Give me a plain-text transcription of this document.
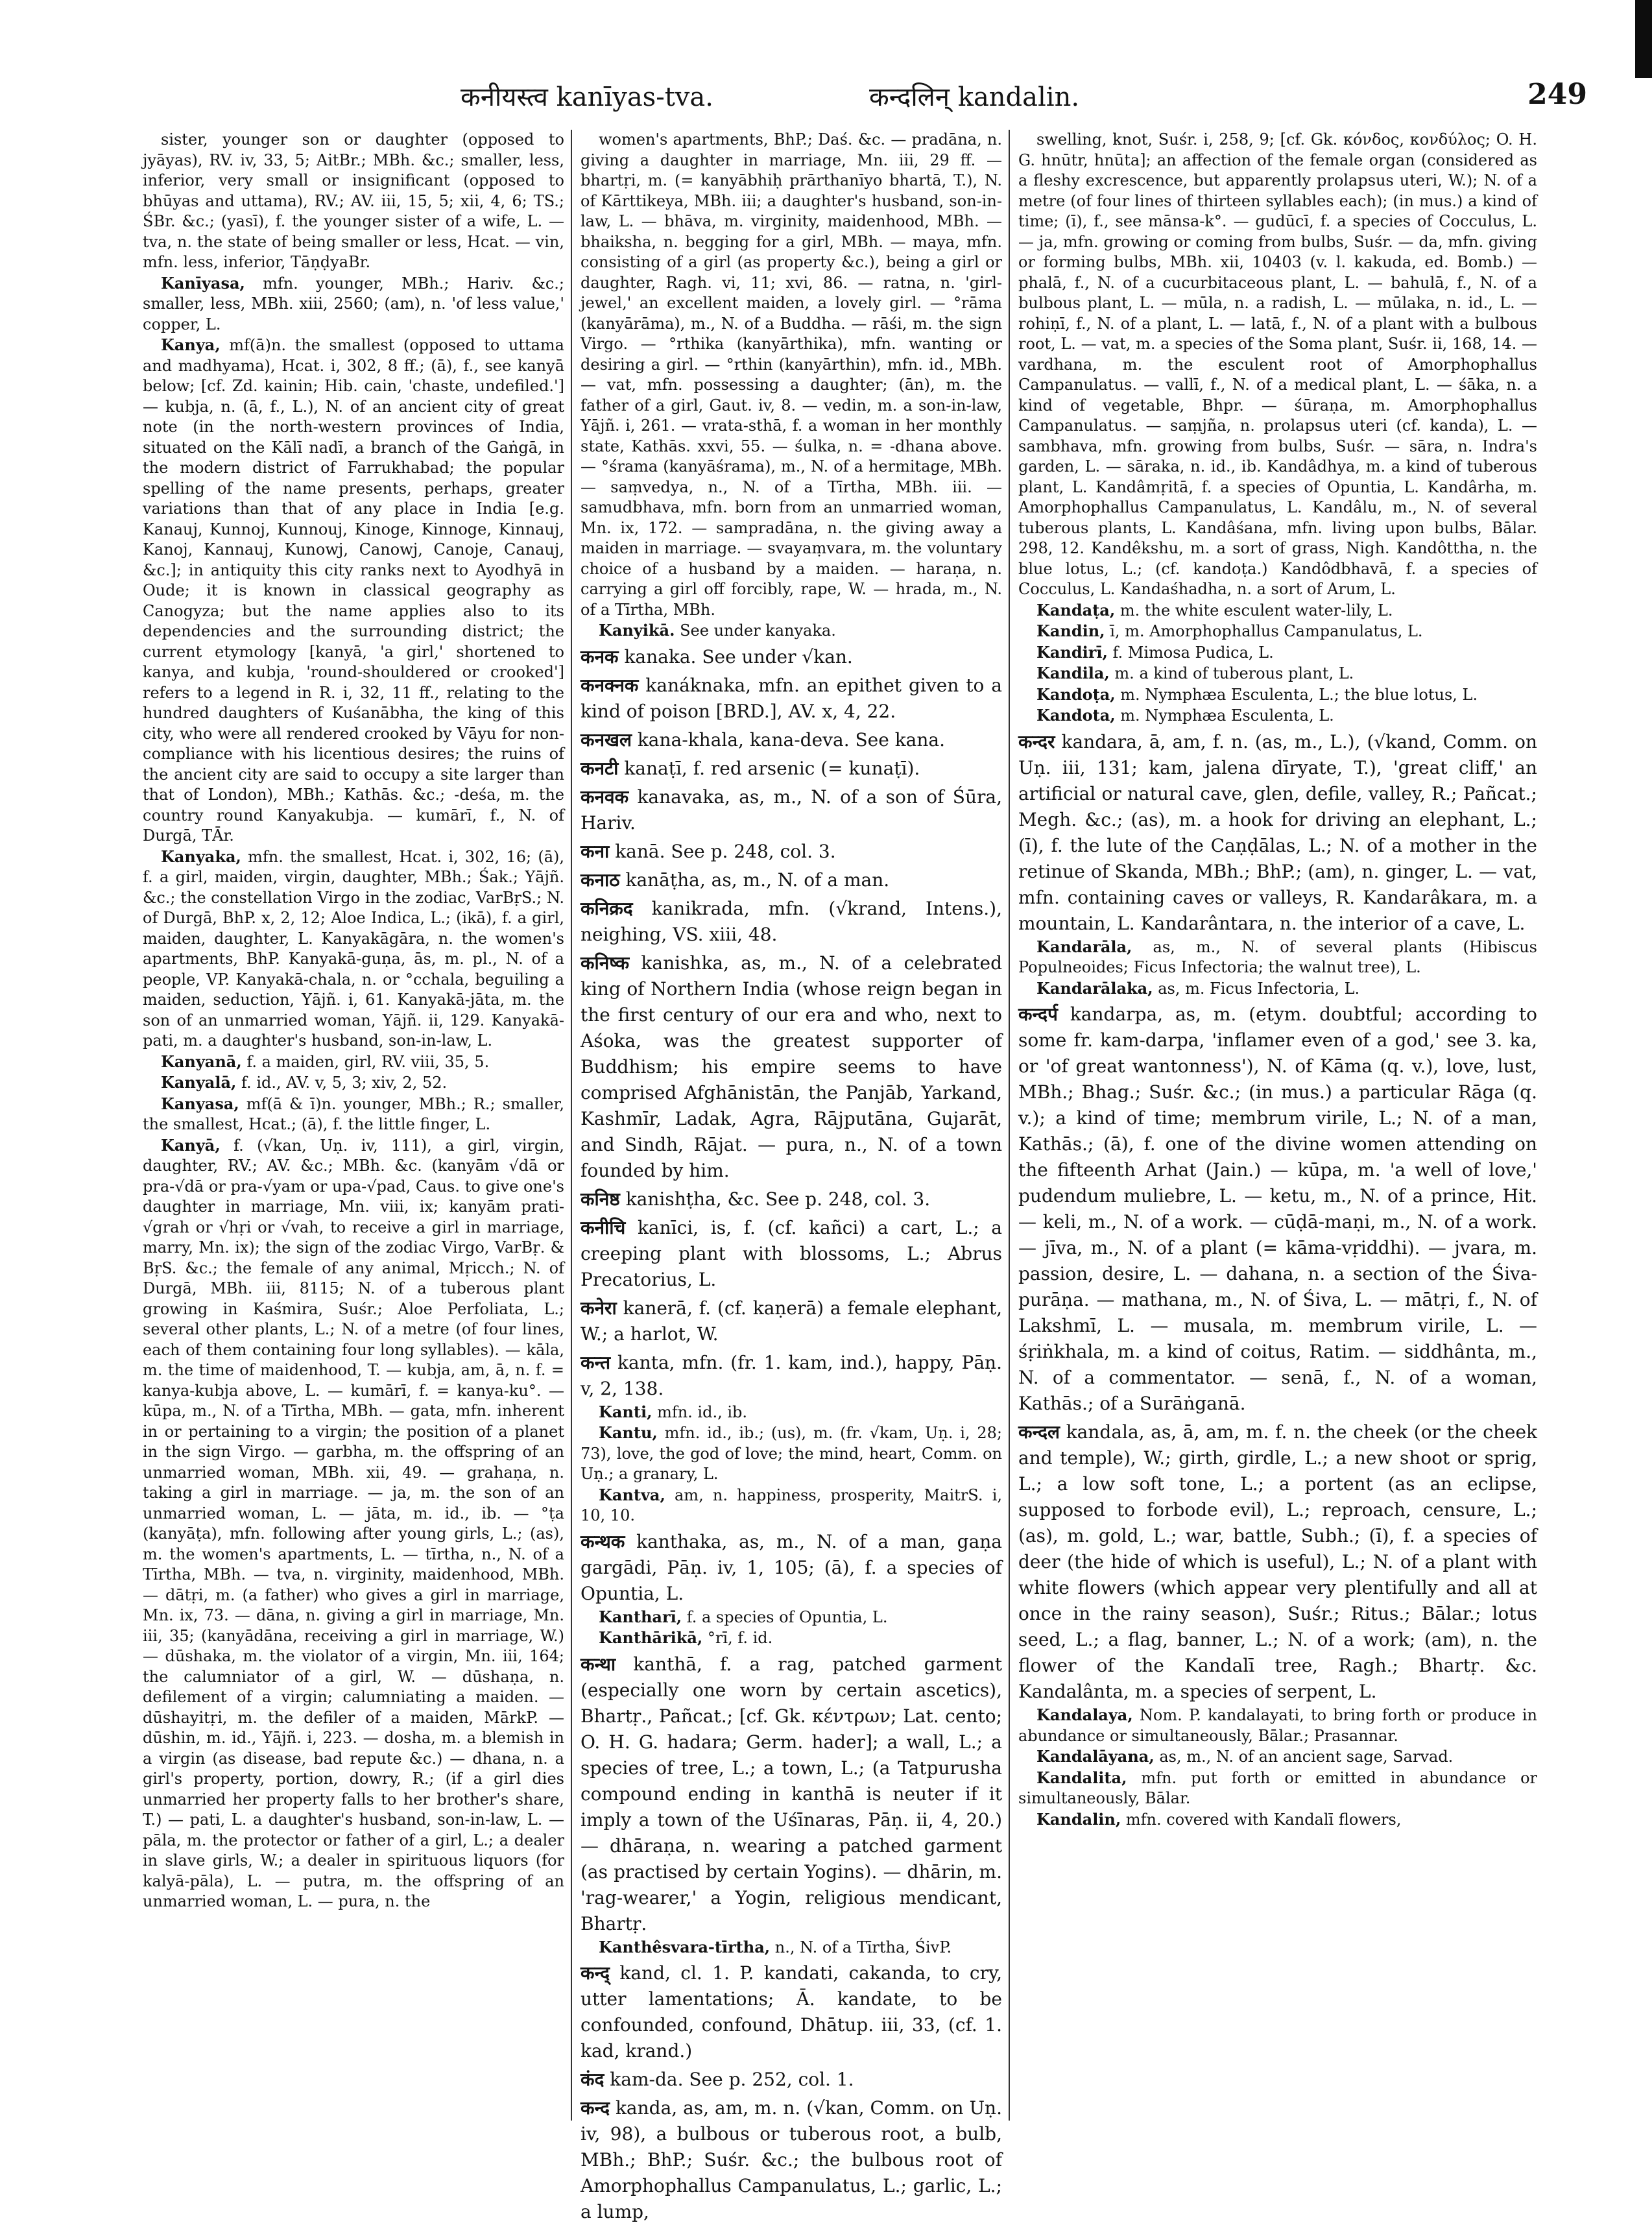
कनीयस्त्व kanīyas-tva.	कन्दलिन् kandalin.	249

sister, younger son or daughter (opposed to jyāyas), RV. iv, 33, 5; AitBr.; MBh. &c.; smaller, less, inferior, very small or insignificant (opposed to bhūyas and uttama), RV.; AV. iii, 15, 5; xii, 4, 6; TS.; ŚBr. &c.; (yasī), f. the younger sister of a wife, L. — tva, n. the state of being smaller or less, Hcat. — vin, mfn. less, inferior, TāṇḍyaBr.

Kanīyasa, mfn. younger, MBh.; Hariv. &c.; smaller, less, MBh. xiii, 2560; (am), n. 'of less value,' copper, L.

Kanya, mf(ā)n. the smallest (opposed to uttama and madhyama), Hcat. i, 302, 8 ff.; (ā), f., see kanyā below; [cf. Zd. kainin; Hib. cain, 'chaste, undefiled.'] — kubja, n. (ā, f., L.), N. of an ancient city of great note (in the north-western provinces of India, situated on the Kālī nadī, a branch of the Gaṅgā, in the modern district of Farrukhabad; the popular spelling of the name presents, perhaps, greater variations than that of any place in India [e.g. Kanauj, Kunnoj, Kunnouj, Kinoge, Kinnoge, Kinnauj, Kanoj, Kannauj, Kunowj, Canowj, Canoje, Canauj, &c.]; in antiquity this city ranks next to Ayodhyā in Oude; it is known in classical geography as Canogyza; but the name applies also to its dependencies and the surrounding district; the current etymology [kanyā, 'a girl,' shortened to kanya, and kubja, 'round-shouldered or crooked'] refers to a legend in R. i, 32, 11 ff., relating to the hundred daughters of Kuśanābha, the king of this city, who were all rendered crooked by Vāyu for non-compliance with his licentious desires; the ruins of the ancient city are said to occupy a site larger than that of London), MBh.; Kathās. &c.; -deśa, m. the country round Kanyakubja. — kumārī, f., N. of Durgā, TĀr.

Kanyaka, mfn. the smallest, Hcat. i, 302, 16; (ā), f. a girl, maiden, virgin, daughter, MBh.; Śak.; Yājñ. &c.; the constellation Virgo in the zodiac, VarBṛS.; N. of Durgā, BhP. x, 2, 12; Aloe Indica, L.; (ikā), f. a girl, maiden, daughter, L. Kanyakāgāra, n. the women's apartments, BhP. Kanyakā-guṇa, ās, m. pl., N. of a people, VP. Kanyakā-chala, n. or °cchala, beguiling a maiden, seduction, Yājñ. i, 61. Kanyakā-jāta, m. the son of an unmarried woman, Yājñ. ii, 129. Kanyakā-pati, m. a daughter's husband, son-in-law, L.

Kanyanā, f. a maiden, girl, RV. viii, 35, 5.

Kanyalā, f. id., AV. v, 5, 3; xiv, 2, 52.

Kanyasa, mf(ā & ī)n. younger, MBh.; R.; smaller, the smallest, Hcat.; (ā), f. the little finger, L.

Kanyā, f. (√kan, Uṇ. iv, 111), a girl, virgin, daughter, RV.; AV. &c.; MBh. &c. (kanyām √dā or pra-√dā or pra-√yam or upa-√pad, Caus. to give one's daughter in marriage, Mn. viii, ix; kanyām prati-√grah or √hṛi or √vah, to receive a girl in marriage, marry, Mn. ix); the sign of the zodiac Virgo, VarBṛ. & BṛS. &c.; the female of any animal, Mṛicch.; N. of Durgā, MBh. iii, 8115; N. of a tuberous plant growing in Kaśmira, Suśr.; Aloe Perfoliata, L.; several other plants, L.; N. of a metre (of four lines, each of them containing four long syllables). — kāla, m. the time of maidenhood, T. — kubja, am, ā, n. f. = kanya-kubja above, L. — kumārī, f. = kanya-ku°. — kūpa, m., N. of a Tīrtha, MBh. — gata, mfn. inherent in or pertaining to a virgin; the position of a planet in the sign Virgo. — garbha, m. the offspring of an unmarried woman, MBh. xii, 49. — grahaṇa, n. taking a girl in marriage. — ja, m. the son of an unmarried woman, L. — jāta, m. id., ib. — °ṭa (kanyāṭa), mfn. following after young girls, L.; (as), m. the women's apartments, L. — tīrtha, n., N. of a Tīrtha, MBh. — tva, n. virginity, maidenhood, MBh. — dātṛi, m. (a father) who gives a girl in marriage, Mn. ix, 73. — dāna, n. giving a girl in marriage, Mn. iii, 35; (kanyādāna, receiving a girl in marriage, W.) — dūshaka, m. the violator of a virgin, Mn. iii, 164; the calumniator of a girl, W. — dūshaṇa, n. defilement of a virgin; calumniating a maiden. — dūshayitṛi, m. the defiler of a maiden, MārkP. — dūshin, m. id., Yājñ. i, 223. — dosha, m. a blemish in a virgin (as disease, bad repute &c.) — dhana, n. a girl's property, portion, dowry, R.; (if a girl dies unmarried her property falls to her brother's share, T.) — pati, L. a daughter's husband, son-in-law, L. — pāla, m. the protector or father of a girl, L.; a dealer in slave girls, W.; a dealer in spirituous liquors (for kalyā-pāla), L. — putra, m. the offspring of an unmarried woman, L. — pura, n. the

women's apartments, BhP.; Daś. &c. — pradāna, n. giving a daughter in marriage, Mn. iii, 29 ff. — bhartṛi, m. (= kanyābhiḥ prārthanīyo bhartā, T.), N. of Kārttikeya, MBh. iii; a daughter's husband, son-in-law, L. — bhāva, m. virginity, maidenhood, MBh. — bhaiksha, n. begging for a girl, MBh. — maya, mfn. consisting of a girl (as property &c.), being a girl or daughter, Ragh. vi, 11; xvi, 86. — ratna, n. 'girl-jewel,' an excellent maiden, a lovely girl. — °rāma (kanyārāma), m., N. of a Buddha. — rāśi, m. the sign Virgo. — °rthika (kanyārthika), mfn. wanting or desiring a girl. — °rthin (kanyārthin), mfn. id., MBh. — vat, mfn. possessing a daughter; (ān), m. the father of a girl, Gaut. iv, 8. — vedin, m. a son-in-law, Yājñ. i, 261. — vrata-sthā, f. a woman in her monthly state, Kathās. xxvi, 55. — śulka, n. = -dhana above. — °śrama (kanyāśrama), m., N. of a hermitage, MBh. — saṃvedya, n., N. of a Tīrtha, MBh. iii. — samudbhava, mfn. born from an unmarried woman, Mn. ix, 172. — sampradāna, n. the giving away a maiden in marriage. — svayaṃvara, m. the voluntary choice of a husband by a maiden. — haraṇa, n. carrying a girl off forcibly, rape, W. — hrada, m., N. of a Tīrtha, MBh.

Kanyikā. See under kanyaka.

कनक kanaka. See under √kan.

कनक्नक kanáknaka, mfn. an epithet given to a kind of poison [BRD.], AV. x, 4, 22.

कनखल kana-khala, kana-deva. See kana.

कनटी kanaṭī, f. red arsenic (= kunaṭī).

कनवक kanavaka, as, m., N. of a son of Śūra, Hariv.

कना kanā. See p. 248, col. 3.

कनाठ kanāṭha, as, m., N. of a man.

कनिक्रद kanikrada, mfn. (√krand, Intens.), neighing, VS. xiii, 48.

कनिष्क kanishka, as, m., N. of a celebrated king of Northern India (whose reign began in the first century of our era and who, next to Aśoka, was the greatest supporter of Buddhism; his empire seems to have comprised Afghānistān, the Panjāb, Yarkand, Kashmīr, Ladak, Agra, Rājputāna, Gujarāt, and Sindh, Rājat. — pura, n., N. of a town founded by him.

कनिष्ठ kanishṭha, &c. See p. 248, col. 3.

कनीचि kanīci, is, f. (cf. kañci) a cart, L.; a creeping plant with blossoms, L.; Abrus Precatorius, L.

कनेरा kanerā, f. (cf. kaṇerā) a female elephant, W.; a harlot, W.

कन्त kanta, mfn. (fr. 1. kam, ind.), happy, Pāṇ. v, 2, 138.

Kanti, mfn. id., ib.

Kantu, mfn. id., ib.; (us), m. (fr. √kam, Uṇ. i, 28; 73), love, the god of love; the mind, heart, Comm. on Uṇ.; a granary, L.

Kantva, am, n. happiness, prosperity, MaitrS. i, 10, 10.

कन्थक kanthaka, as, m., N. of a man, gaṇa gargādi, Pāṇ. iv, 1, 105; (ā), f. a species of Opuntia, L.

Kantharī, f. a species of Opuntia, L.

Kanthārikā, °rī, f. id.

कन्था kanthā, f. a rag, patched garment (especially one worn by certain ascetics), Bhartṛ., Pañcat.; [cf. Gk. κέντρων; Lat. cento; O. H. G. hadara; Germ. hader]; a wall, L.; a species of tree, L.; a town, L.; (a Tatpurusha compound ending in kanthā is neuter if it imply a town of the Uśīnaras, Pāṇ. ii, 4, 20.) — dhāraṇa, n. wearing a patched garment (as practised by certain Yogins). — dhārin, m. 'rag-wearer,' a Yogin, religious mendicant, Bhartṛ.

Kanthêsvara-tīrtha, n., N. of a Tīrtha, ŚivP.

कन्द् kand, cl. 1. P. kandati, cakanda, to cry, utter lamentations; Ā. kandate, to be confounded, confound, Dhātup. iii, 33, (cf. 1. kad, krand.)

कंद kam-da. See p. 252, col. 1.

कन्द kanda, as, am, m. n. (√kan, Comm. on Uṇ. iv, 98), a bulbous or tuberous root, a bulb, MBh.; BhP.; Suśr. &c.; the bulbous root of Amorphophallus Campanulatus, L.; garlic, L.; a lump,

swelling, knot, Suśr. i, 258, 9; [cf. Gk. κόνδος, κονδύλος; O. H. G. hnūtr, hnūta]; an affection of the female organ (considered as a fleshy excrescence, but apparently prolapsus uteri, W.); N. of a metre (of four lines of thirteen syllables each); (in mus.) a kind of time; (ī), f., see mānsa-k°. — gudūcī, f. a species of Cocculus, L. — ja, mfn. growing or coming from bulbs, Suśr. — da, mfn. giving or forming bulbs, MBh. xii, 10403 (v. l. kakuda, ed. Bomb.) — phalā, f., N. of a cucurbitaceous plant, L. — bahulā, f., N. of a bulbous plant, L. — mūla, n. a radish, L. — mūlaka, n. id., L. — rohiṇī, f., N. of a plant, L. — latā, f., N. of a plant with a bulbous root, L. — vat, m. a species of the Soma plant, Suśr. ii, 168, 14. — vardhana, m. the esculent root of Amorphophallus Campanulatus. — vallī, f., N. of a medical plant, L. — śāka, n. a kind of vegetable, Bhpr. — śūraṇa, m. Amorphophallus Campanulatus. — saṃjña, n. prolapsus uteri (cf. kanda), L. — sambhava, mfn. growing from bulbs, Suśr. — sāra, n. Indra's garden, L. — sāraka, n. id., ib. Kandâdhya, m. a kind of tuberous plant, L. Kandâmṛitā, f. a species of Opuntia, L. Kandârha, m. Amorphophallus Campanulatus, L. Kandâlu, m., N. of several tuberous plants, L. Kandâśana, mfn. living upon bulbs, Bālar. 298, 12. Kandêkshu, m. a sort of grass, Nigh. Kandôttha, n. the blue lotus, L.; (cf. kandoṭa.) Kandôdbhavā, f. a species of Cocculus, L. Kandaśhadha, n. a sort of Arum, L.

Kandaṭa, m. the white esculent water-lily, L.

Kandin, ī, m. Amorphophallus Campanulatus, L.

Kandirī, f. Mimosa Pudica, L.

Kandila, m. a kind of tuberous plant, L.

Kandoṭa, m. Nymphæa Esculenta, L.; the blue lotus, L.

Kandota, m. Nymphæa Esculenta, L.

कन्दर kandara, ā, am, f. n. (as, m., L.), (√kand, Comm. on Uṇ. iii, 131; kam, jalena dīryate, T.), 'great cliff,' an artificial or natural cave, glen, defile, valley, R.; Pañcat.; Megh. &c.; (as), m. a hook for driving an elephant, L.; (ī), f. the lute of the Caṇḍālas, L.; N. of a mother in the retinue of Skanda, MBh.; BhP.; (am), n. ginger, L. — vat, mfn. containing caves or valleys, R. Kandarâkara, m. a mountain, L. Kandarântara, n. the interior of a cave, L.

Kandarāla, as, m., N. of several plants (Hibiscus Populneoides; Ficus Infectoria; the walnut tree), L.

Kandarālaka, as, m. Ficus Infectoria, L.

कन्दर्प kandarpa, as, m. (etym. doubtful; according to some fr. kam-darpa, 'inflamer even of a god,' see 3. ka, or 'of great wantonness'), N. of Kāma (q. v.), love, lust, MBh.; Bhag.; Suśr. &c.; (in mus.) a particular Rāga (q. v.); a kind of time; membrum virile, L.; N. of a man, Kathās.; (ā), f. one of the divine women attending on the fifteenth Arhat (Jain.) — kūpa, m. 'a well of love,' pudendum muliebre, L. — ketu, m., N. of a prince, Hit. — keli, m., N. of a work. — cūḍā-maṇi, m., N. of a work. — jīva, m., N. of a plant (= kāma-vṛiddhi). — jvara, m. passion, desire, L. — dahana, n. a section of the Śiva-purāṇa. — mathana, m., N. of Śiva, L. — mātṛi, f., N. of Lakshmī, L. — musala, m. membrum virile, L. — śṛiṅkhala, m. a kind of coitus, Ratim. — siddhânta, m., N. of a commentator. — senā, f., N. of a woman, Kathās.; of a Surāṅganā.

कन्दल kandala, as, ā, am, m. f. n. the cheek (or the cheek and temple), W.; girth, girdle, L.; a new shoot or sprig, L.; a low soft tone, L.; a portent (as an eclipse, supposed to forbode evil), L.; reproach, censure, L.; (as), m. gold, L.; war, battle, Subh.; (ī), f. a species of deer (the hide of which is useful), L.; N. of a plant with white flowers (which appear very plentifully and all at once in the rainy season), Suśr.; Ritus.; Bālar.; lotus seed, L.; a flag, banner, L.; N. of a work; (am), n. the flower of the Kandalī tree, Ragh.; Bhartṛ. &c. Kandalânta, m. a species of serpent, L.

Kandalaya, Nom. P. kandalayati, to bring forth or produce in abundance or simultaneously, Bālar.; Prasannar.

Kandalāyana, as, m., N. of an ancient sage, Sarvad.

Kandalita, mfn. put forth or emitted in abundance or simultaneously, Bālar.

Kandalin, mfn. covered with Kandalī flowers,
